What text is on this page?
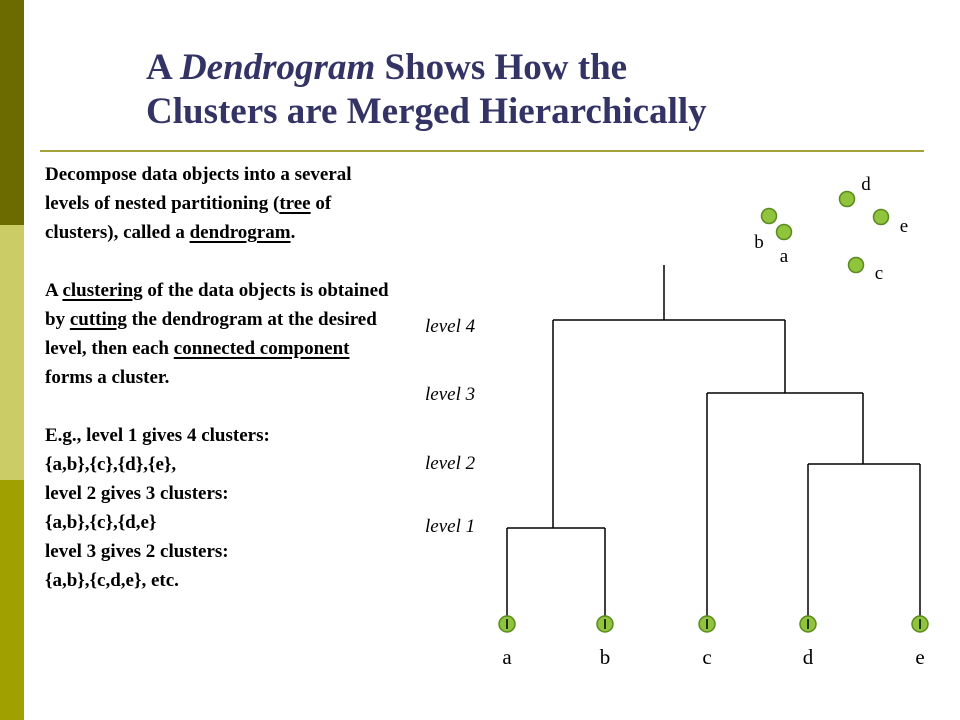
A Dendrogram Shows How the
Clusters are Merged Hierarchically

Decompose data objects into a several levels of nested partitioning (tree of clusters), called a dendrogram.

A clustering of the data objects is obtained by cutting the dendrogram at the desired level, then each connected component forms a cluster.

E.g., level 1 gives 4 clusters:
{a,b},{c},{d},{e},
level 2 gives 3 clusters:
{a,b},{c},{d,e}
level 3 gives 2 clusters:
{a,b},{c,d,e}, etc.

a	b	c	d	e
level 4
level 3
level 2
level 1
d
e
b
a
c
